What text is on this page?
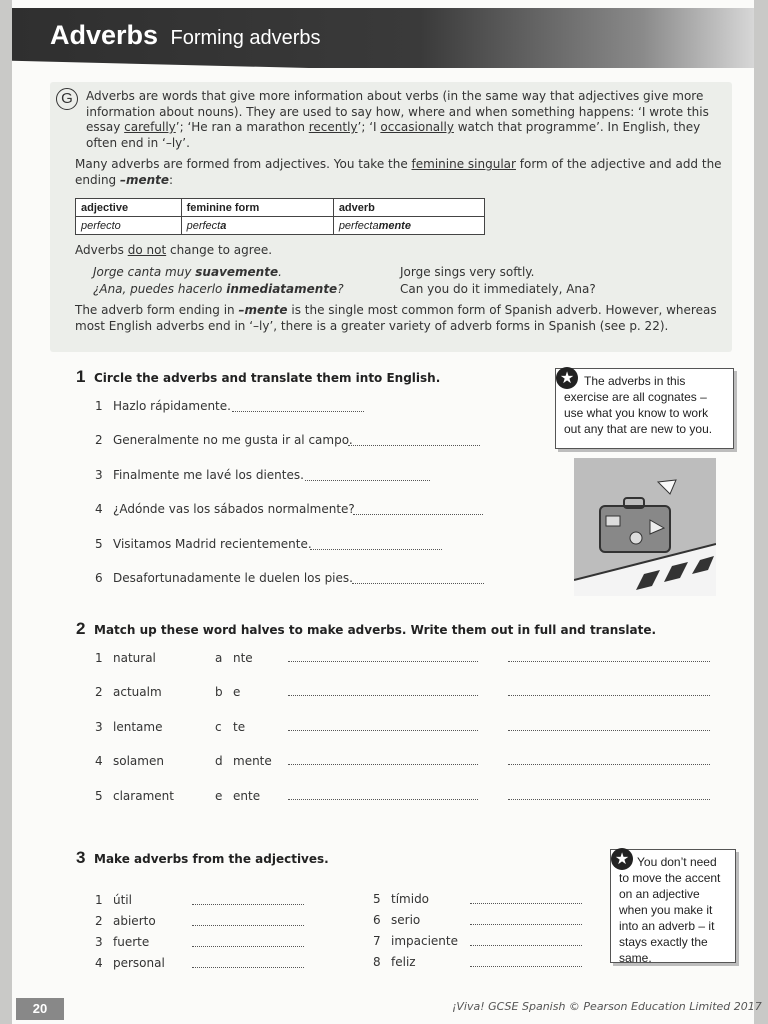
Adverbs Forming adverbs
G	Adverbs are words that give more information about verbs (in the same way that adjectives give more information about nouns). They are used to say how, where and when something happens: ‘I wrote this essay carefully’; ‘He ran a marathon recently’; ‘I occasionally watch that programme’. In English, they often end in ‘–ly’.
Many adverbs are formed from adjectives. You take the feminine singular form of the adjective and add the ending –mente:
adjective	feminine form	adverb
perfecto	perfecta	perfectamente
Adverbs do not change to agree.
Jorge canta muy suavemente.	Jorge sings very softly.
¿Ana, puedes hacerlo inmediatamente?	Can you do it immediately, Ana?
The adverb form ending in –mente is the single most common form of Spanish adverb. However, whereas most English adverbs end in ‘–ly’, there is a greater variety of adverb forms in Spanish (see p. 22).
1 Circle the adverbs and translate them into English.
1 Hazlo rápidamente.
2 Generalmente no me gusta ir al campo.
3 Finalmente me lavé los dientes.
4 ¿Adónde vas los sábados normalmente?
5 Visitamos Madrid recientemente.
6 Desafortunadamente le duelen los pies.
The adverbs in this exercise are all cognates – use what you know to work out any that are new to you.
★
2 Match up these word halves to make adverbs. Write them out in full and translate.
1 natural	a nte
2 actualm	b e
3 lentame	c te
4 solamen	d mente
5 clarament	e ente
3 Make adverbs from the adjectives.
1 útil
2 abierto
3 fuerte
4 personal
5 tímido
6 serio
7 impaciente
8 feliz
You don’t need to move the accent on an adjective when you make it into an adverb – it stays exactly the same.
★
20	¡Viva! GCSE Spanish © Pearson Education Limited 2017
